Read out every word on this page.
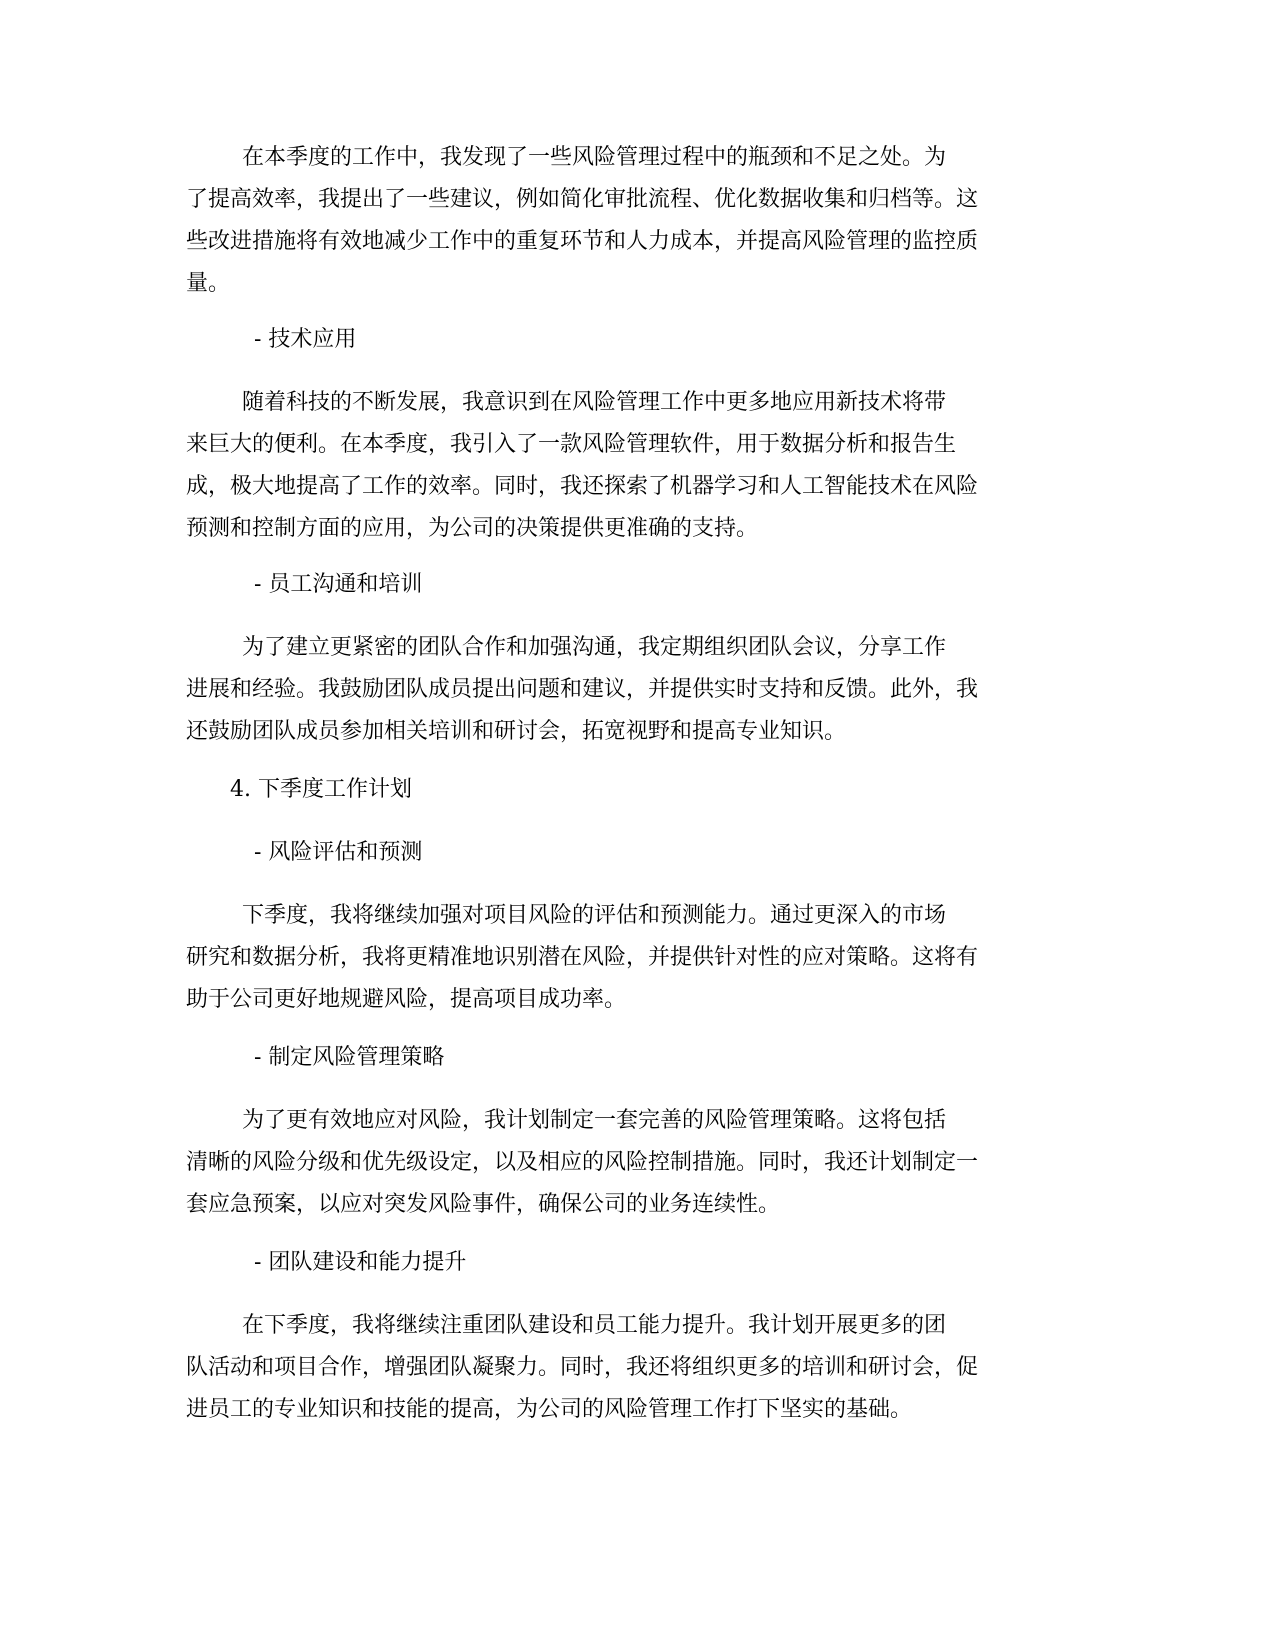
在本季度的工作中，我发现了一些风险管理过程中的瓶颈和不足之处。为
了提高效率，我提出了一些建议，例如简化审批流程、优化数据收集和归档等。这
些改进措施将有效地减少工作中的重复环节和人力成本，并提高风险管理的监控质
量。

- 技术应用

随着科技的不断发展，我意识到在风险管理工作中更多地应用新技术将带
来巨大的便利。在本季度，我引入了一款风险管理软件，用于数据分析和报告生
成，极大地提高了工作的效率。同时，我还探索了机器学习和人工智能技术在风险
预测和控制方面的应用，为公司的决策提供更准确的支持。

- 员工沟通和培训

为了建立更紧密的团队合作和加强沟通，我定期组织团队会议，分享工作
进展和经验。我鼓励团队成员提出问题和建议，并提供实时支持和反馈。此外，我
还鼓励团队成员参加相关培训和研讨会，拓宽视野和提高专业知识。

4. 下季度工作计划

- 风险评估和预测

下季度，我将继续加强对项目风险的评估和预测能力。通过更深入的市场
研究和数据分析，我将更精准地识别潜在风险，并提供针对性的应对策略。这将有
助于公司更好地规避风险，提高项目成功率。

- 制定风险管理策略

为了更有效地应对风险，我计划制定一套完善的风险管理策略。这将包括
清晰的风险分级和优先级设定，以及相应的风险控制措施。同时，我还计划制定一
套应急预案，以应对突发风险事件，确保公司的业务连续性。

- 团队建设和能力提升

在下季度，我将继续注重团队建设和员工能力提升。我计划开展更多的团
队活动和项目合作，增强团队凝聚力。同时，我还将组织更多的培训和研讨会，促
进员工的专业知识和技能的提高，为公司的风险管理工作打下坚实的基础。
